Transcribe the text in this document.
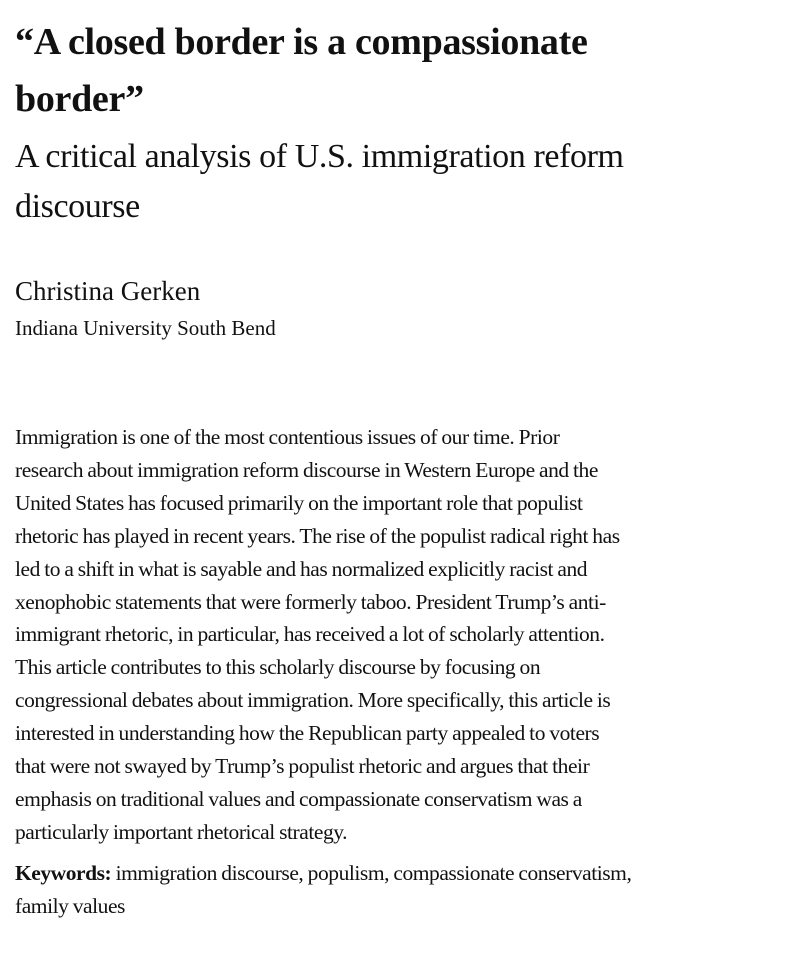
“A closed border is a compassionate
border”
A critical analysis of U.S. immigration reform
discourse

Christina Gerken

Indiana University South Bend

Immigration is one of the most contentious issues of our time. Prior
research about immigration reform discourse in Western Europe and the
United States has focused primarily on the important role that populist
rhetoric has played in recent years. The rise of the populist radical right has
led to a shift in what is sayable and has normalized explicitly racist and
xenophobic statements that were formerly taboo. President Trump’s anti-
immigrant rhetoric, in particular, has received a lot of scholarly attention.
This article contributes to this scholarly discourse by focusing on
congressional debates about immigration. More specifically, this article is
interested in understanding how the Republican party appealed to voters
that were not swayed by Trump’s populist rhetoric and argues that their
emphasis on traditional values and compassionate conservatism was a
particularly important rhetorical strategy.
Keywords: immigration discourse, populism, compassionate conservatism,
family values
